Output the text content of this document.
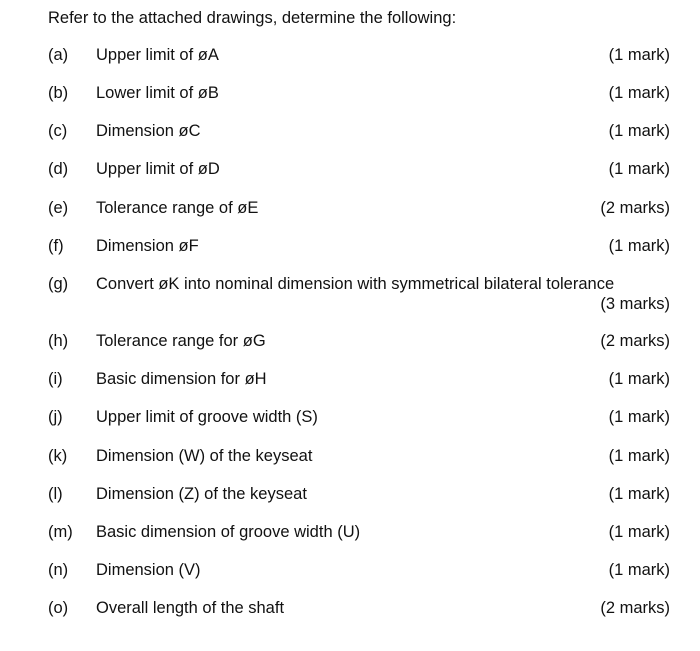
Refer to the attached drawings, determine the following:
(a) Upper limit of øA	(1 mark)
(b) Lower limit of øB	(1 mark)
(c) Dimension øC	(1 mark)
(d) Upper limit of øD	(1 mark)
(e) Tolerance range of øE	(2 marks)
(f) Dimension øF	(1 mark)
(g) Convert øK into nominal dimension with symmetrical bilateral tolerance
(3 marks)
(h) Tolerance range for øG	(2 marks)
(i) Basic dimension for øH	(1 mark)
(j) Upper limit of groove width (S)	(1 mark)
(k) Dimension (W) of the keyseat	(1 mark)
(l) Dimension (Z) of the keyseat	(1 mark)
(m) Basic dimension of groove width (U)	(1 mark)
(n) Dimension (V)	(1 mark)
(o) Overall length of the shaft	(2 marks)
